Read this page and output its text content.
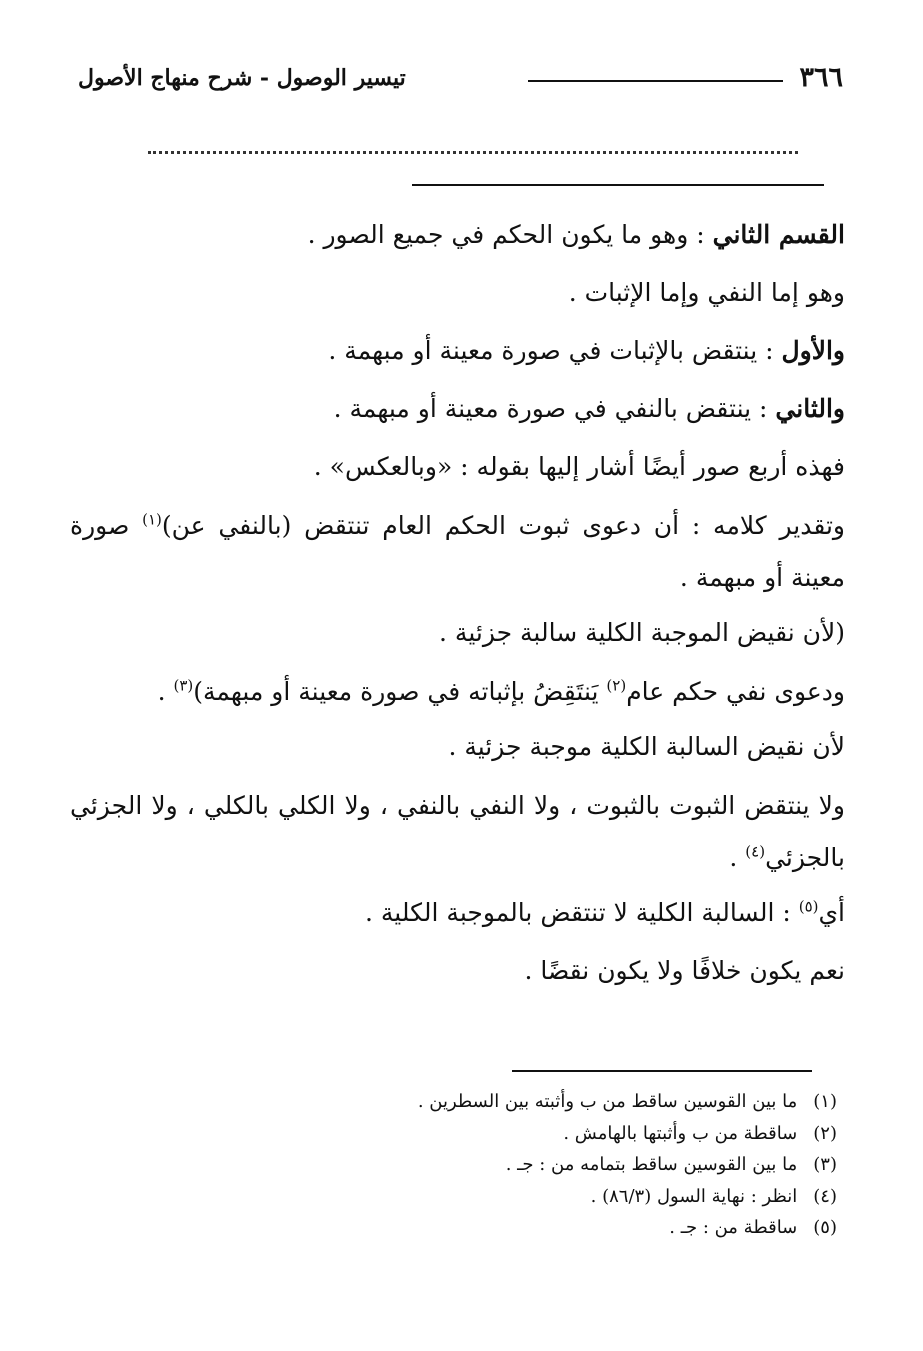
٣٦٦
تيسير الوصول - شرح منهاج الأصول

القسم الثاني : وهو ما يكون الحكم في جميع الصور .

وهو إما النفي وإما الإثبات .

والأول : ينتقض بالإثبات في صورة معينة أو مبهمة .

والثاني : ينتقض بالنفي في صورة معينة أو مبهمة .

فهذه أربع صور أيضًا أشار إليها بقوله : «وبالعكس» .

وتقدير كلامه : أن دعوى ثبوت الحكم العام تنتقض (بالنفي عن)$^{(١)}$ صورة معينة أو مبهمة .

(لأن نقيض الموجبة الكلية سالبة جزئية .

ودعوى نفي حكم عام$^{(٢)}$ يَنتَقِضُ بإثباته في صورة معينة أو مبهمة)$^{(٣)}$ .

لأن نقيض السالبة الكلية موجبة جزئية .

ولا ينتقض الثبوت بالثبوت ، ولا النفي بالنفي ، ولا الكلي بالكلي ، ولا الجزئي بالجزئي$^{(٤)}$ .

أي$^{(٥)}$ : السالبة الكلية لا تنتقض بالموجبة الكلية .

نعم يكون خلافًا ولا يكون نقضًا .

(١) ما بين القوسين ساقط من ب وأثبته بين السطرين .

(٢) ساقطة من ب وأثبتها بالهامش .

(٣) ما بين القوسين ساقط بتمامه من : جـ .

(٤) انظر : نهاية السول (٨٦/٣) .

(٥) ساقطة من : جـ .
